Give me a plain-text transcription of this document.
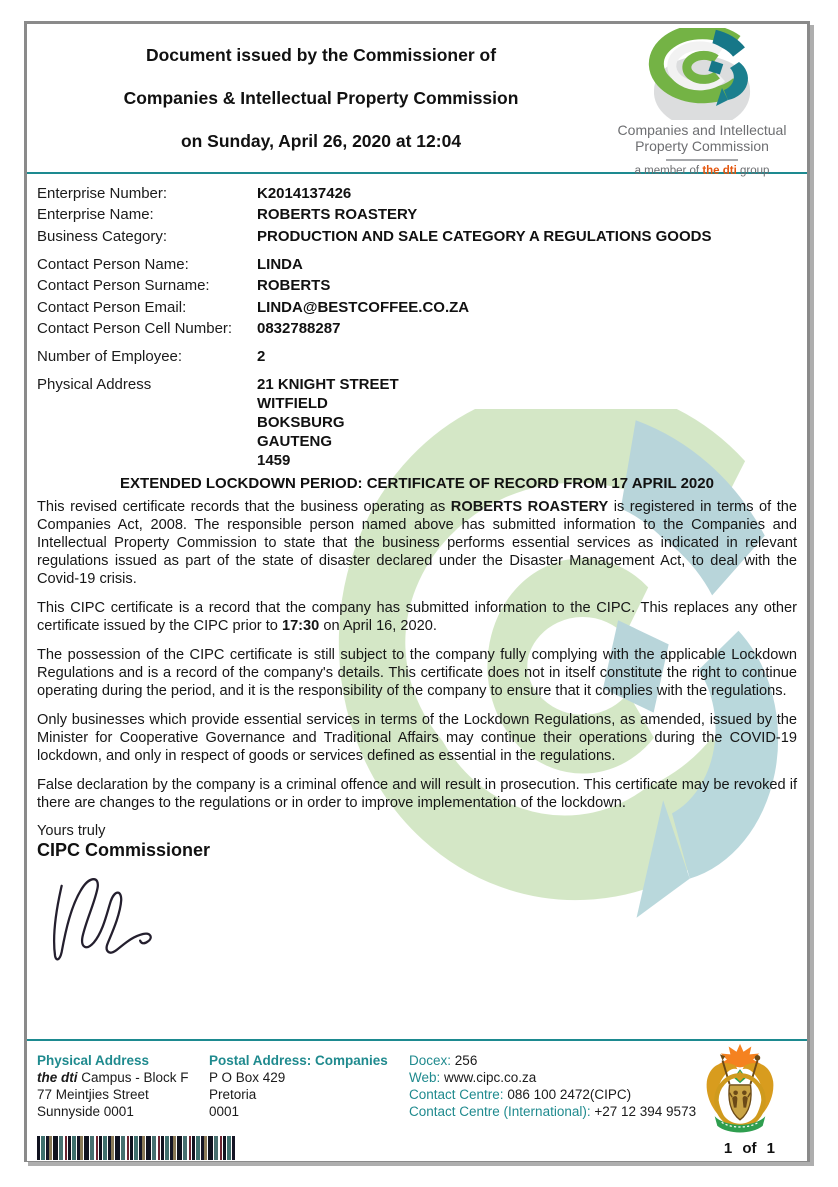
Document issued by the Commissioner of
Companies & Intellectual Property Commission
on Sunday, April 26, 2020 at 12:04
Companies and Intellectual
Property Commission
a member of the dti group
Enterprise Number:	K2014137426
Enterprise Name:	ROBERTS ROASTERY
Business Category:	PRODUCTION AND SALE CATEGORY A REGULATIONS GOODS
Contact Person Name:	LINDA
Contact Person Surname:	ROBERTS
Contact Person Email:	LINDA@BESTCOFFEE.CO.ZA
Contact Person Cell Number:	0832788287
Number of Employee:	2
Physical Address	21 KNIGHT STREET
WITFIELD
BOKSBURG
GAUTENG
1459
EXTENDED LOCKDOWN PERIOD: CERTIFICATE OF RECORD FROM 17 APRIL 2020

This revised certificate records that the business operating as ROBERTS ROASTERY is registered in terms of the Companies Act, 2008. The responsible person named above has submitted information to the Companies and Intellectual Property Commission to state that the business performs essential services as indicated in relevant regulations issued as part of the state of disaster declared under the Disaster Management Act, to deal with the Covid-19 crisis.

This CIPC certificate is a record that the company has submitted information to the CIPC. This replaces any other certificate issued by the CIPC prior to 17:30 on April 16, 2020.

The possession of the CIPC certificate is still subject to the company fully complying with the applicable Lockdown Regulations and is a record of the company's details. This certificate does not in itself constitute the right to continue operating during the period, and it is the responsibility of the company to ensure that it complies with the regulations.

Only businesses which provide essential services in terms of the Lockdown Regulations, as amended, issued by the Minister for Cooperative Governance and Traditional Affairs may continue their operations during the COVID-19 lockdown, and only in respect of goods or services defined as essential in the regulations.

False declaration by the company is a criminal offence and will result in prosecution. This certificate may be revoked if there are changes to the regulations or in order to improve implementation of the lockdown.

Yours truly
CIPC Commissioner
Physical Address
the dti Campus - Block F
77 Meintjies Street
Sunnyside 0001
Postal Address: Companies
P O Box 429
Pretoria
0001
Docex: 256
Web: www.cipc.co.za
Contact Centre: 086 100 2472(CIPC)
Contact Centre (International): +27 12 394 9573
1 of 1
